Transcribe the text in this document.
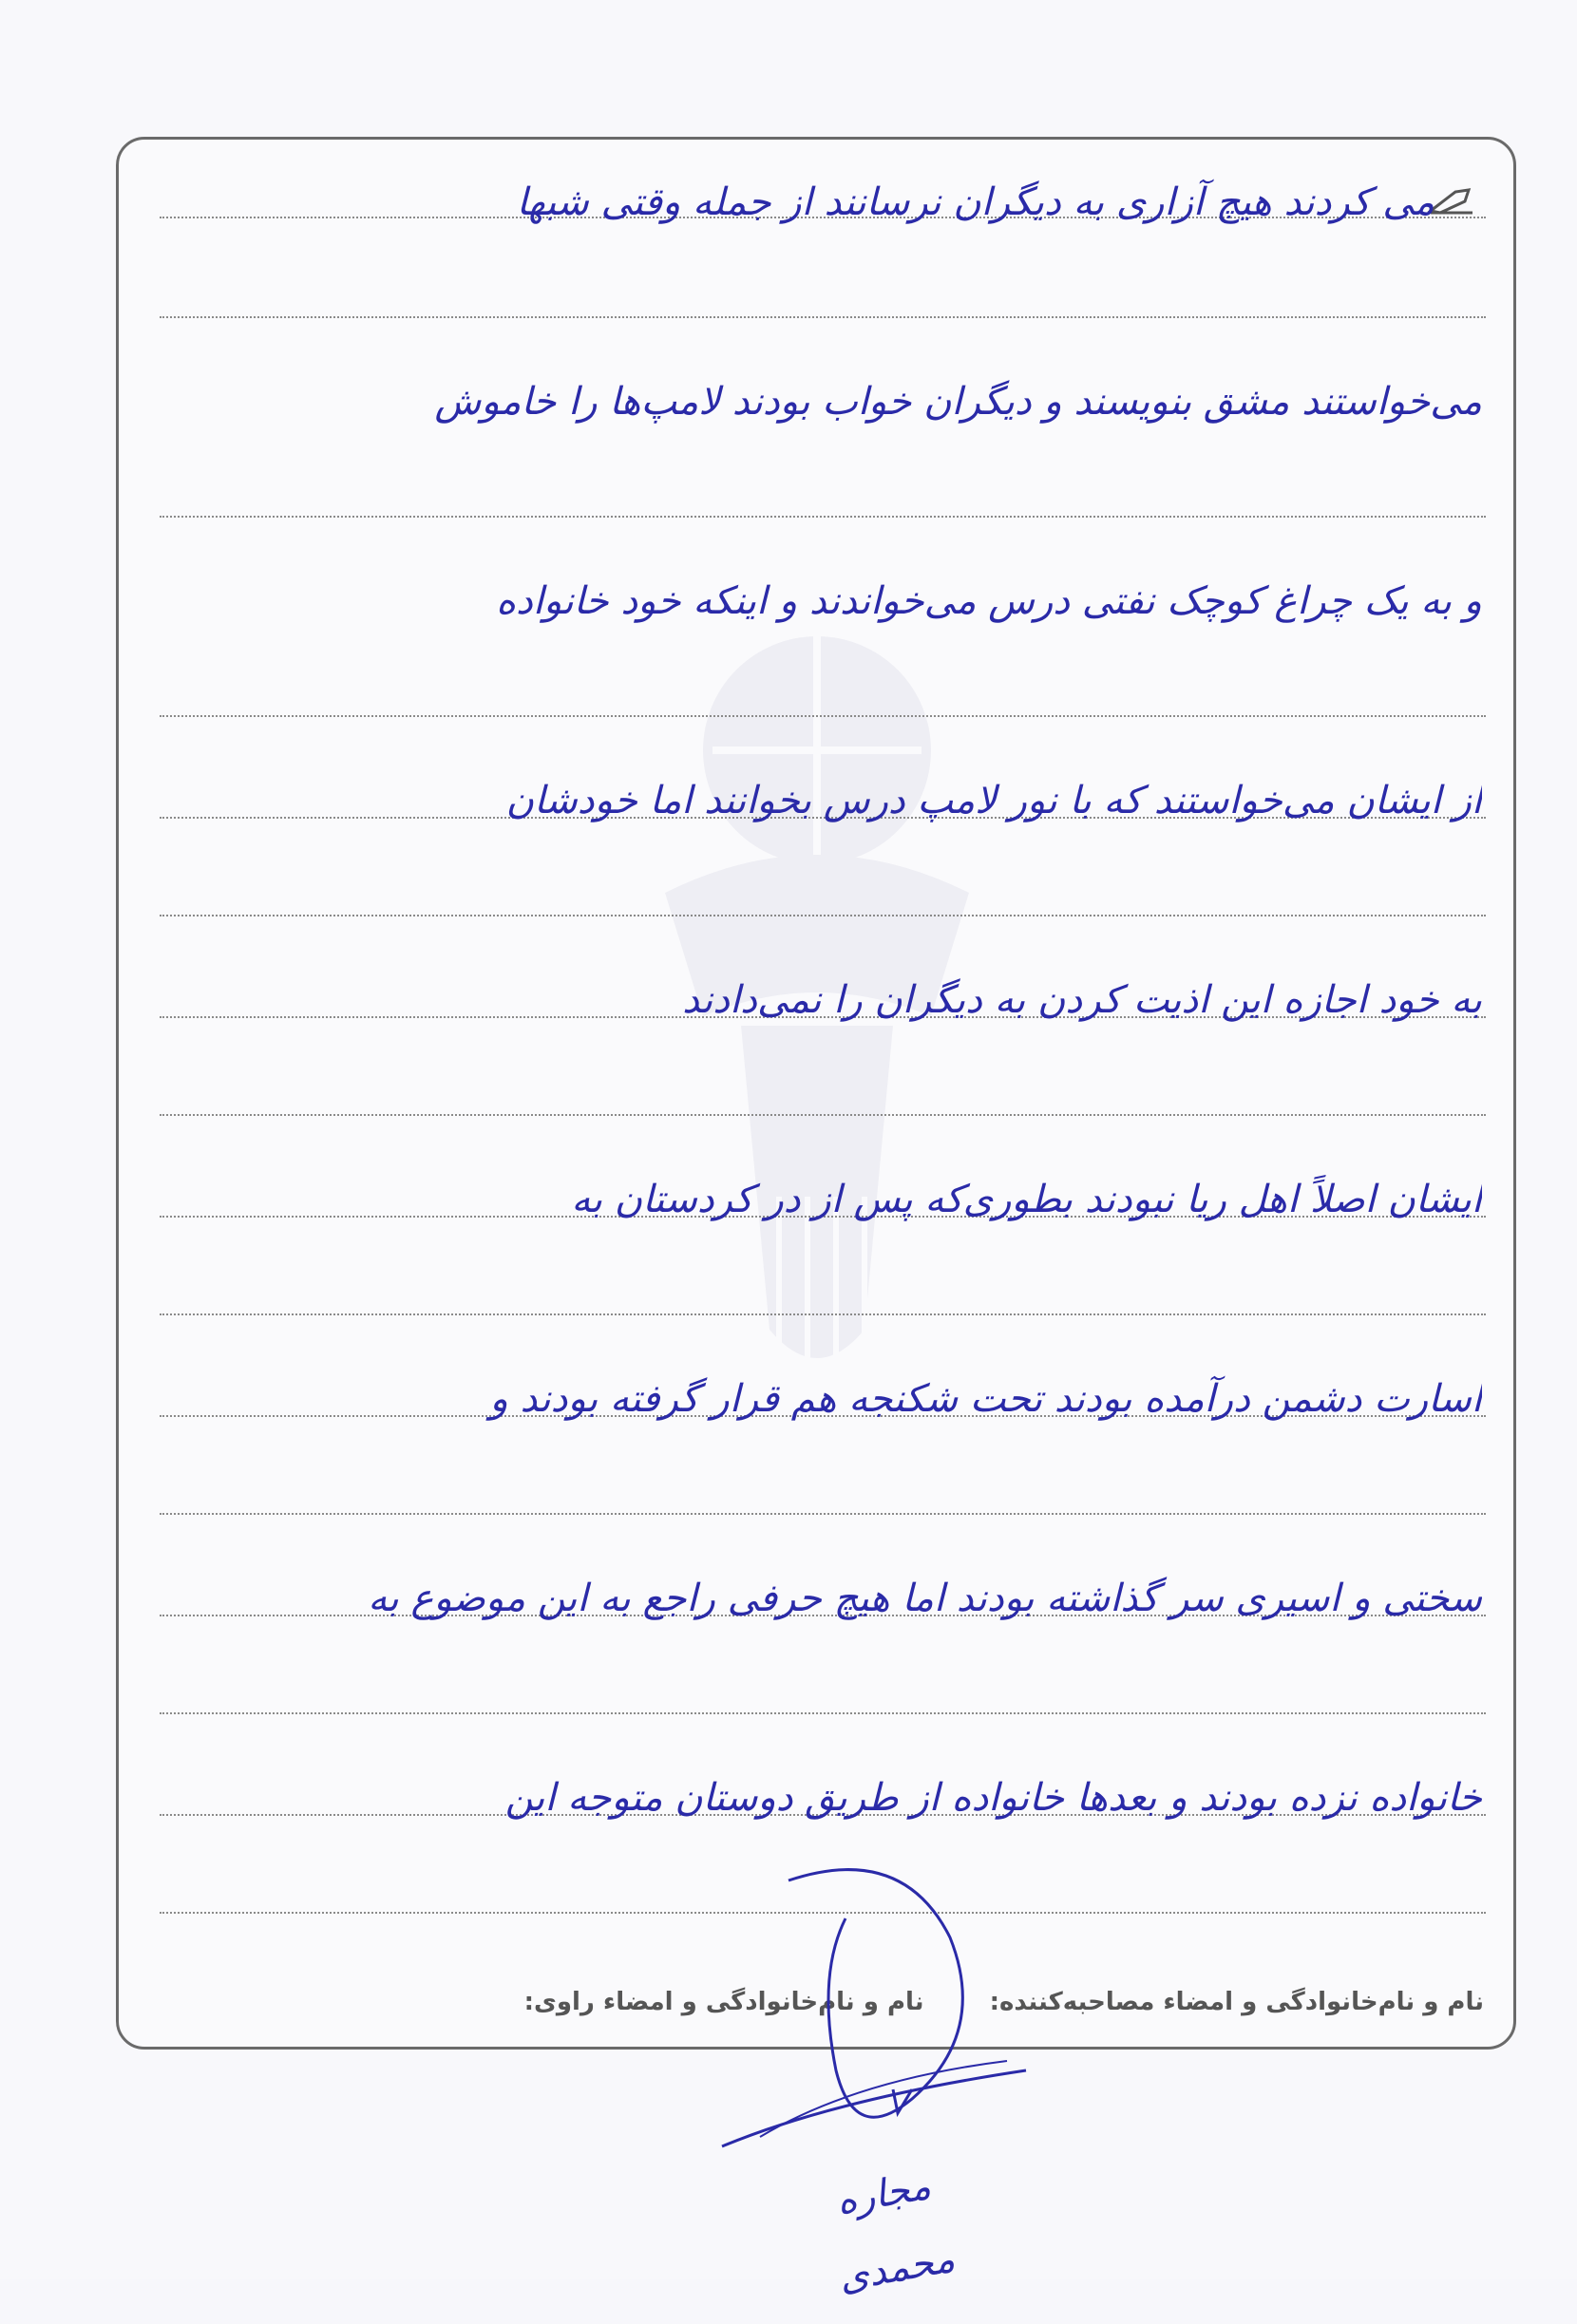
می کردند هیچ آزاری به دیگران نرسانند از جمله وقتی شبها
می‌خواستند مشق بنویسند و دیگران خواب بودند لامپ‌ها را خاموش
و به یک چراغ کوچک نفتی درس می‌خواندند و اینکه خود خانواده
از ایشان می‌خواستند که با نور لامپ درس بخوانند اما خودشان
به خود اجازه این اذیت کردن به دیگران را نمی‌دادند
ایشان اصلاً اهل ریا نبودند بطوری‌که پس از در کردستان به
اسارت دشمن درآمده بودند تحت شکنجه هم قرار گرفته بودند و
سختی و اسیری سر گذاشته بودند اما هیچ حرفی راجع به این موضوع به
خانواده نزده بودند و بعدها خانواده از طریق دوستان متوجه این
نام و نام‌خانوادگی و امضاء مصاحبه‌کننده: نام و نام‌خانوادگی و امضاء راوی:
مجاره محمدی
